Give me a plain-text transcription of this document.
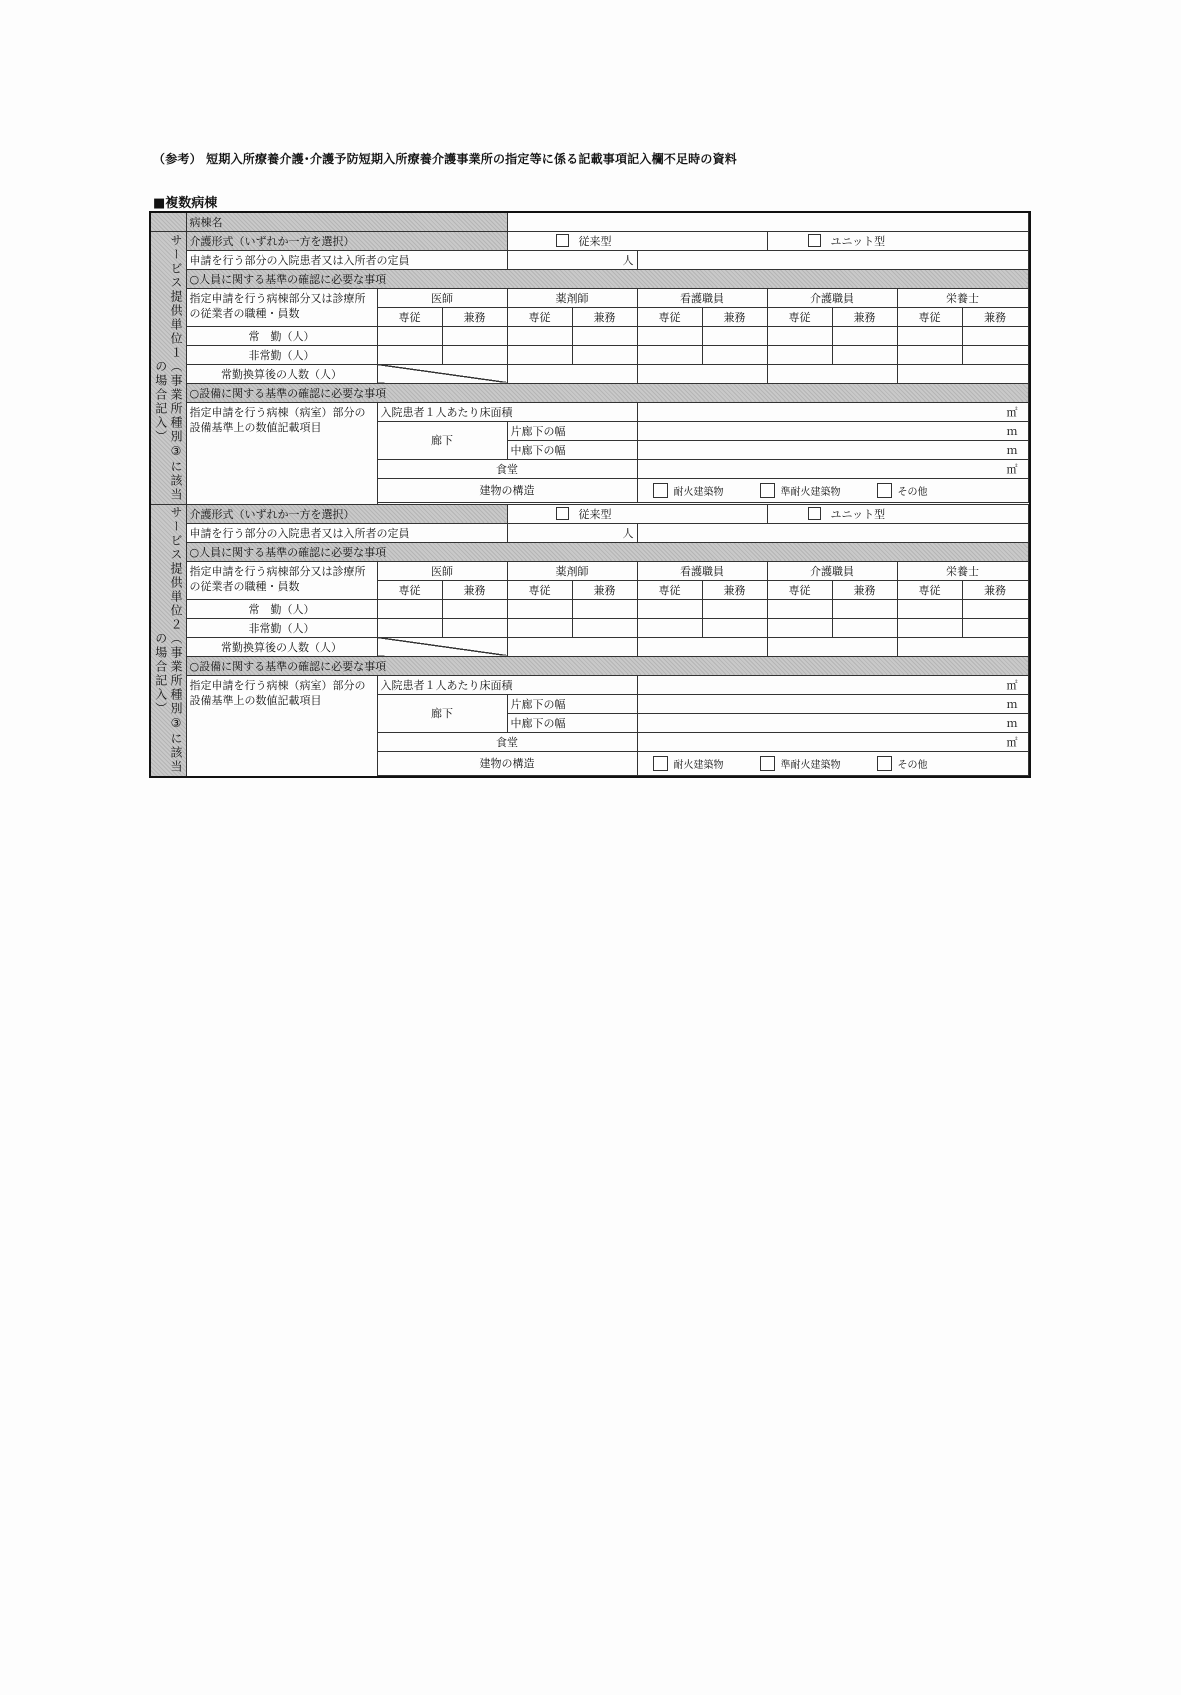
（参考） 短期入所療養介護･介護予防短期入所療養介護事業所の指定等に係る記載事項記入欄不足時の資料
■複数病棟
	病棟名										

の場合記入） サービス提供単位１（事業所種別③に該当	介護形式（いずれか一方を選択）			従来型				ユニット型			
	申請を行う部分の入院患者又は入所者の定員			人						　	
	○人員に関する基準の確認に必要な事項										
	指定申請を行う病棟部分又は診療所の従業者の職種・員数	医師		薬剤師		看護職員		介護職員		栄養士	
		専従	兼務	専従	兼務	専従	兼務	専従	兼務	専従	兼務
	常　勤（人）										
	非常勤（人）										
	常勤換算後の人数（人）										
	○設備に関する基準の確認に必要な事項										
	指定申請を行う病棟（病室）部分の設備基準上の数値記載項目	入院患者１人あたり床面積				㎡					
		廊下		片廊下の幅		ｍ					
				中廊下の幅		ｍ					
		食堂				㎡					
		建物の構造				耐火建築物 準耐火建築物 その他					

の場合記入） サービス提供単位２（事業所種別③に該当	介護形式（いずれか一方を選択）			従来型				ユニット型			
	申請を行う部分の入院患者又は入所者の定員			人						　	
	○人員に関する基準の確認に必要な事項										
	指定申請を行う病棟部分又は診療所の従業者の職種・員数	医師		薬剤師		看護職員		介護職員		栄養士	
		専従	兼務	専従	兼務	専従	兼務	専従	兼務	専従	兼務
	常　勤（人）										
	非常勤（人）										
	常勤換算後の人数（人）										
	○設備に関する基準の確認に必要な事項										
	指定申請を行う病棟（病室）部分の設備基準上の数値記載項目	入院患者１人あたり床面積				㎡					
		廊下		片廊下の幅		ｍ					
				中廊下の幅		ｍ					
		食堂				㎡					
		建物の構造				耐火建築物 準耐火建築物 その他					
